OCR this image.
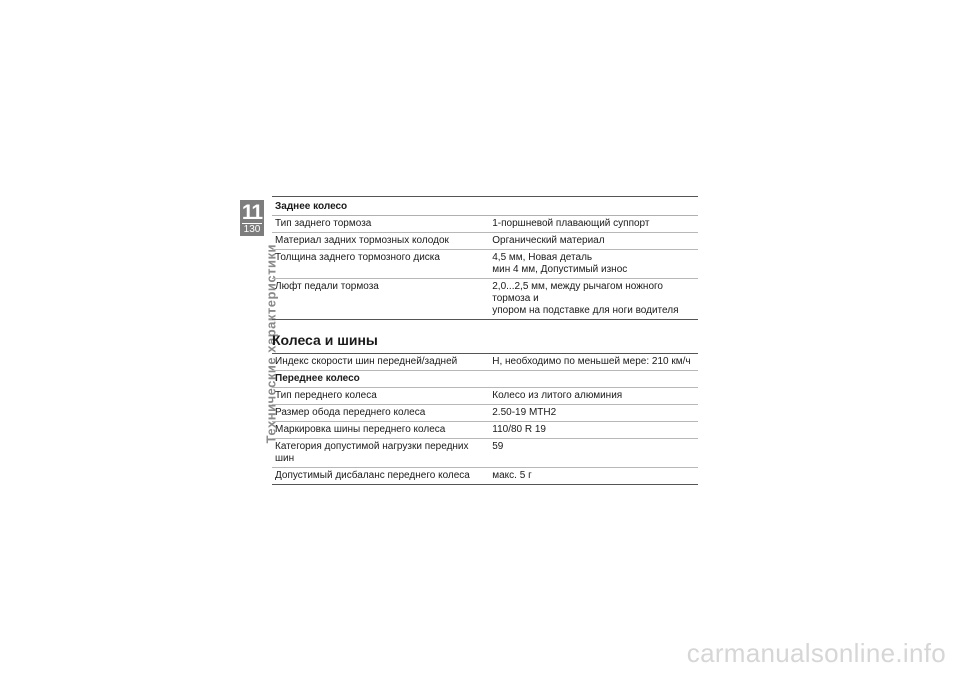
11
130
Технические характеристики
Заднее колесо
Тип заднего тормоза	1-поршневой плавающий суппорт

Материал задних тормозных колодок	Органический материал

Толщина заднего тормозного диска	4,5 мм, Новая деталь
мин 4 мм, Допустимый износ

Люфт педали тормоза	2,0...2,5 мм, между рычагом ножного тормоза и
упором на подставке для ноги водителя
Колеса и шины
Индекс скорости шин передней/задней	H, необходимо по меньшей мере: 210 км/ч
Переднее колесо	
Тип переднего колеса	Колесо из литого алюминия
Размер обода переднего колеса	2.50-19 MTH2
Маркировка шины переднего колеса	110/80 R 19
Категория допустимой нагрузки передних шин	59
Допустимый дисбаланс переднего колеса	макс. 5 г
carmanualsonline.info
